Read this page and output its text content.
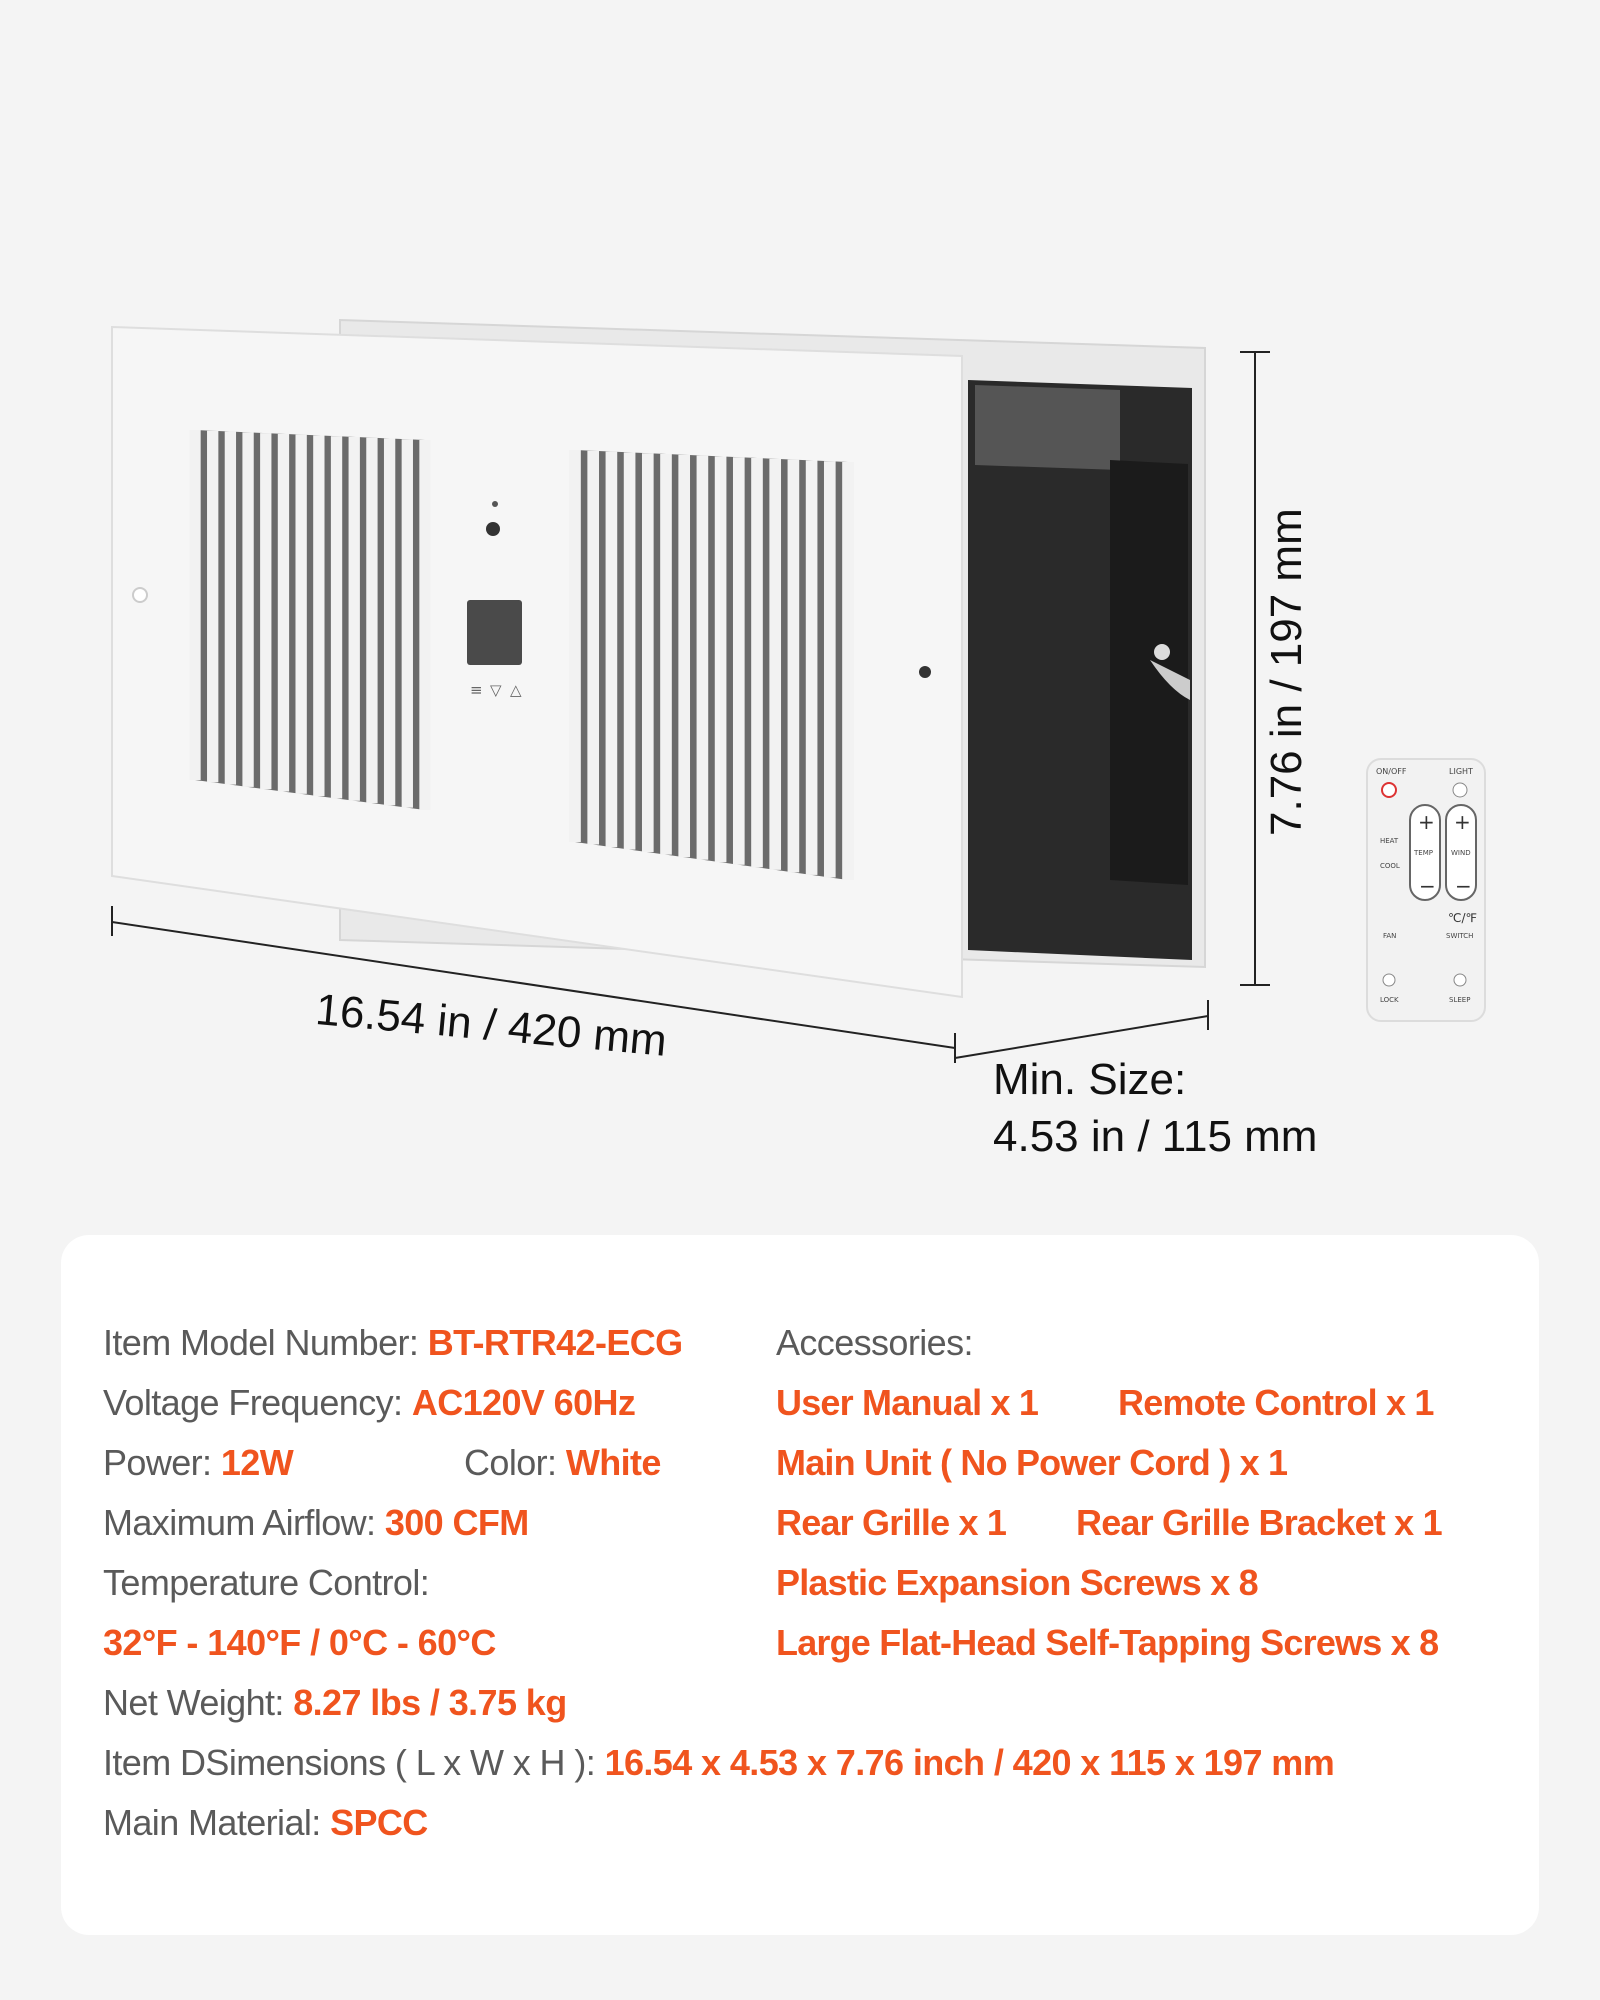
≡ ▽ △
ON/OFF	LIGHT
HEAT
COOL
FAN
+ +
− −
TEMP	WIND
℃/℉
SWITCH
LOCK	SLEEP
16.54 in / 420 mm
7.76 in / 197 mm
Min. Size:
4.53 in / 115 mm
Item Model Number: BT-RTR42-ECG
Voltage Frequency: AC120V 60Hz
Power: 12W	Color: White
Maximum Airflow: 300 CFM
Temperature Control:
32°F - 140°F / 0°C - 60°C
Net Weight: 8.27 lbs / 3.75 kg
Item DSimensions ( L x W x H ): 16.54 x 4.53 x 7.76 inch / 420 x 115 x 197 mm
Main Material: SPCC
Accessories:
User Manual x 1 Remote Control x 1
Main Unit ( No Power Cord ) x 1
Rear Grille x 1 Rear Grille Bracket x 1
Plastic Expansion Screws x 8
Large Flat-Head Self-Tapping Screws x 8
